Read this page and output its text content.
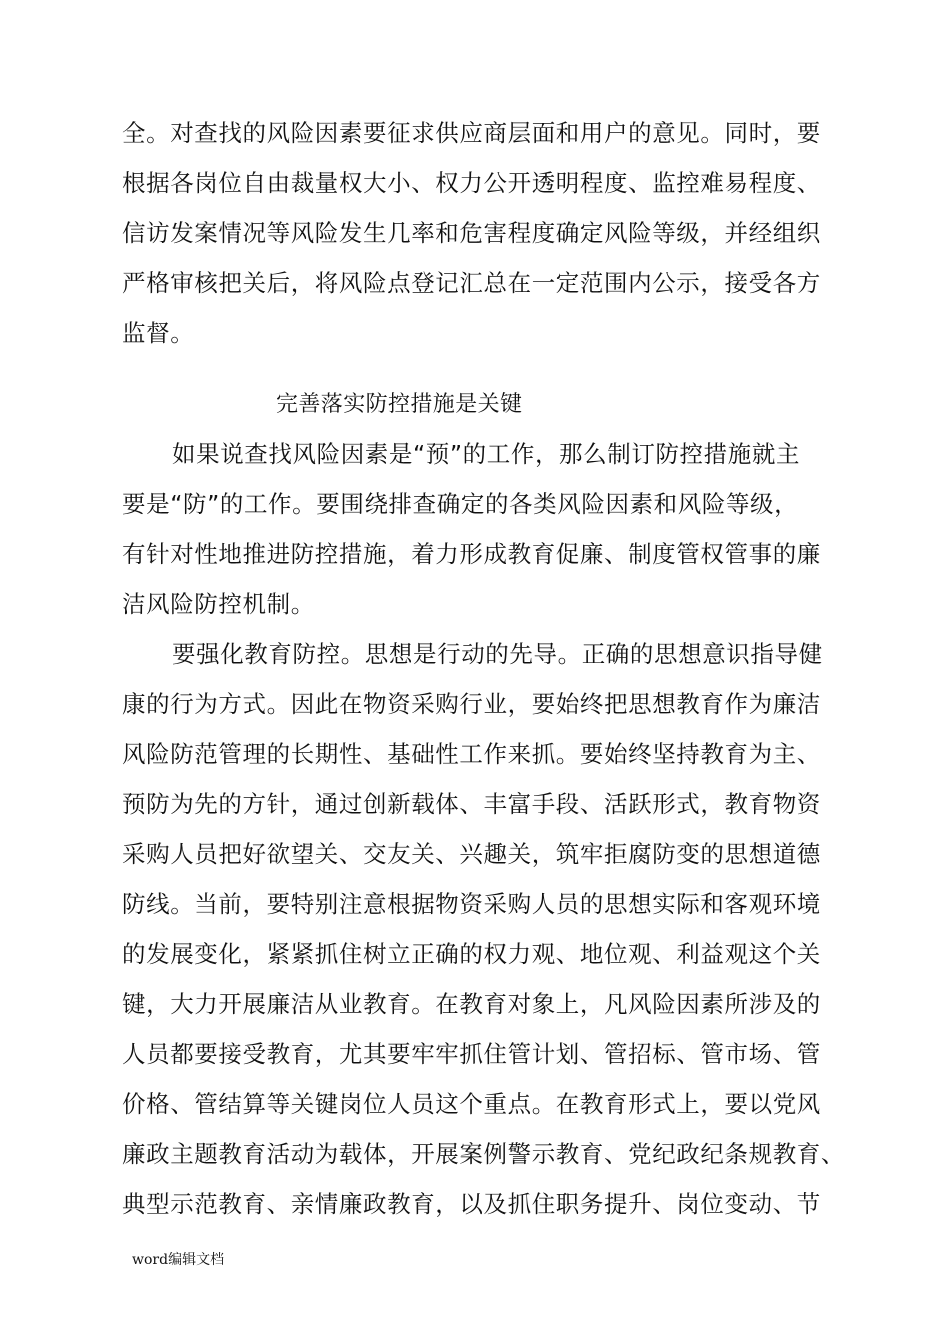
全。对查找的风险因素要征求供应商层面和用户的意见。同时，要
根据各岗位自由裁量权大小、权力公开透明程度、监控难易程度、
信访发案情况等风险发生几率和危害程度确定风险等级，并经组织
严格审核把关后，将风险点登记汇总在一定范围内公示，接受各方
监督。
完善落实防控措施是关键
如果说查找风险因素是“预”的工作，那么制订防控措施就主
要是“防”的工作。要围绕排查确定的各类风险因素和风险等级，
有针对性地推进防控措施，着力形成教育促廉、制度管权管事的廉
洁风险防控机制。
要强化教育防控。思想是行动的先导。正确的思想意识指导健
康的行为方式。因此在物资采购行业，要始终把思想教育作为廉洁
风险防范管理的长期性、基础性工作来抓。要始终坚持教育为主、
预防为先的方针，通过创新载体、丰富手段、活跃形式，教育物资
采购人员把好欲望关、交友关、兴趣关，筑牢拒腐防变的思想道德
防线。当前，要特别注意根据物资采购人员的思想实际和客观环境
的发展变化，紧紧抓住树立正确的权力观、地位观、利益观这个关
键，大力开展廉洁从业教育。在教育对象上，凡风险因素所涉及的
人员都要接受教育，尤其要牢牢抓住管计划、管招标、管市场、管
价格、管结算等关键岗位人员这个重点。在教育形式上，要以党风
廉政主题教育活动为载体，开展案例警示教育、党纪政纪条规教育、
典型示范教育、亲情廉政教育，以及抓住职务提升、岗位变动、节
word编辑文档
